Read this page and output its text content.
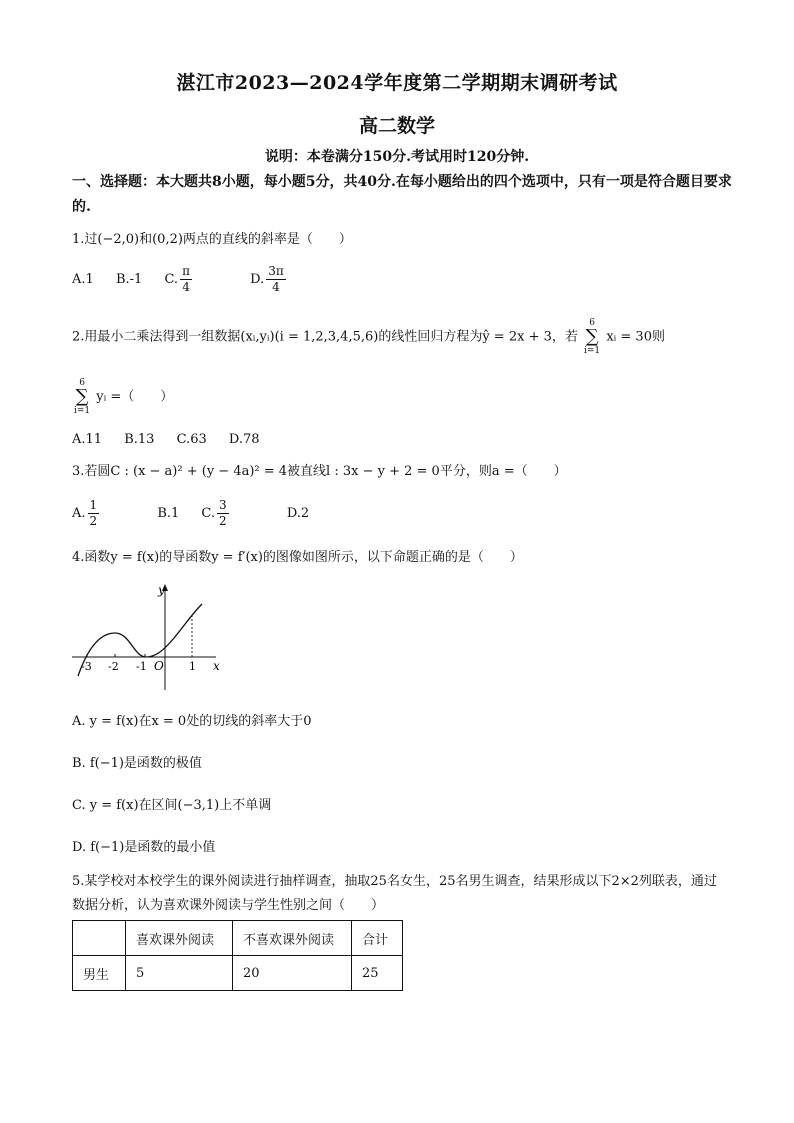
湛江市2023—2024学年度第二学期期末调研考试
高二数学
说明：本卷满分150分.考试用时120分钟.
一、选择题：本大题共8小题，每小题5分，共40分.在每小题给出的四个选项中，只有一项是符合题目要求的.
1.过(−2,0)和(0,2)两点的直线的斜率是（　　）
A.1 B.-1 C. $\frac{\pi}{4}$	D. $\frac{3\pi}{4}$
2.用最小二乘法得到一组数据(xᵢ,yᵢ)(i = 1,2,3,4,5,6)的线性回归方程为ŷ = 2x + 3，若
6
∑
i=1
xᵢ = 30则
6
∑
i=1
yᵢ =（　　）
A.11 B.13 C.63 D.78
3.若圆C : (x − a)² + (y − 4a)² = 4被直线l : 3x − y + 2 = 0平分，则a =（　　）
A. $\frac{1}{2}$	B.1 C. $\frac{3}{2}$	D.2
4.函数y = f(x)的导函数y = f′(x)的图像如图所示，以下命题正确的是（　　）
y
x
O
-3 -2 -1	1
A. y = f(x)在x = 0处的切线的斜率大于0
B. f(−1)是函数的极值
C. y = f(x)在区间(−3,1)上不单调
D. f(−1)是函数的最小值
5.某学校对本校学生的课外阅读进行抽样调查，抽取25名女生，25名男生调查，结果形成以下2×2列联表，通过数据分析，认为喜欢课外阅读与学生性别之间（　　）
	喜欢课外阅读	不喜欢课外阅读	合计
男生	5	20	25
